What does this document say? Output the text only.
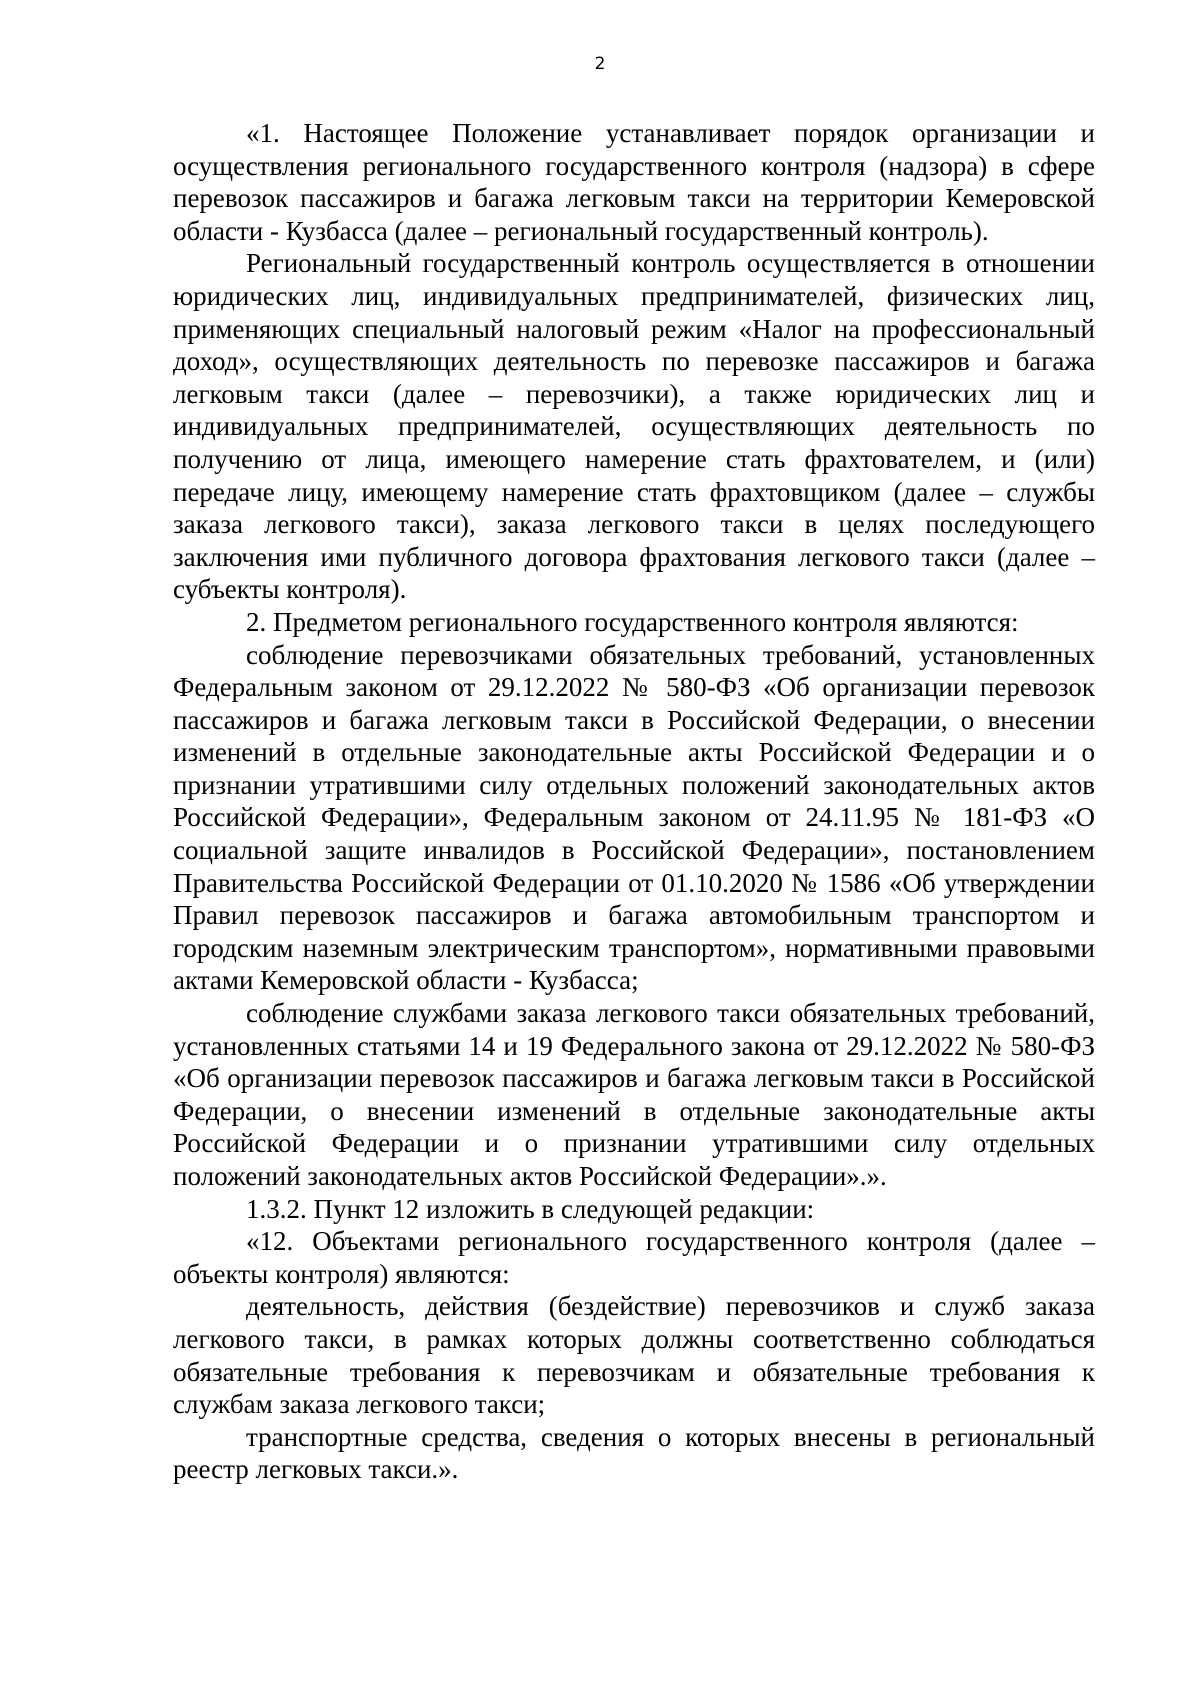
2

«1. Настоящее Положение устанавливает порядок организации и осуществления регионального государственного контроля (надзора) в сфере перевозок пассажиров и багажа легковым такси на территории Кемеровской области - Кузбасса (далее – региональный государственный контроль).

Региональный государственный контроль осуществляется в отношении юридических лиц, индивидуальных предпринимателей, физических лиц, применяющих специальный налоговый режим «Налог на профессиональный доход», осуществляющих деятельность по перевозке пассажиров и багажа легковым такси (далее – перевозчики), а также юридических лиц и индивидуальных предпринимателей, осуществляющих деятельность по получению от лица, имеющего намерение стать фрахтователем, и (или) передаче лицу, имеющему намерение стать фрахтовщиком (далее – службы заказа легкового такси), заказа легкового такси в целях последующего заключения ими публичного договора фрахтования легкового такси (далее – субъекты контроля).

2. Предметом регионального государственного контроля являются:

соблюдение перевозчиками обязательных требований, установленных Федеральным законом от 29.12.2022 № 580-ФЗ «Об организации перевозок пассажиров и багажа легковым такси в Российской Федерации, о внесении изменений в отдельные законодательные акты Российской Федерации и о признании утратившими силу отдельных положений законодательных актов Российской Федерации», Федеральным законом от 24.11.95 № 181-ФЗ «О социальной защите инвалидов в Российской Федерации», постановлением Правительства Российской Федерации от 01.10.2020 № 1586 «Об утверждении Правил перевозок пассажиров и багажа автомобильным транспортом и городским наземным электрическим транспортом», нормативными правовыми актами Кемеровской области - Кузбасса;

соблюдение службами заказа легкового такси обязательных требований, установленных статьями 14 и 19 Федерального закона от 29.12.2022 № 580-ФЗ «Об организации перевозок пассажиров и багажа легковым такси в Российской Федерации, о внесении изменений в отдельные законодательные акты Российской Федерации и о признании утратившими силу отдельных положений законодательных актов Российской Федерации».».

1.3.2. Пункт 12 изложить в следующей редакции:

«12. Объектами регионального государственного контроля (далее – объекты контроля) являются:

деятельность, действия (бездействие) перевозчиков и служб заказа легкового такси, в рамках которых должны соответственно соблюдаться обязательные требования к перевозчикам и обязательные требования к службам заказа легкового такси;

транспортные средства, сведения о которых внесены в региональный реестр легковых такси.».
